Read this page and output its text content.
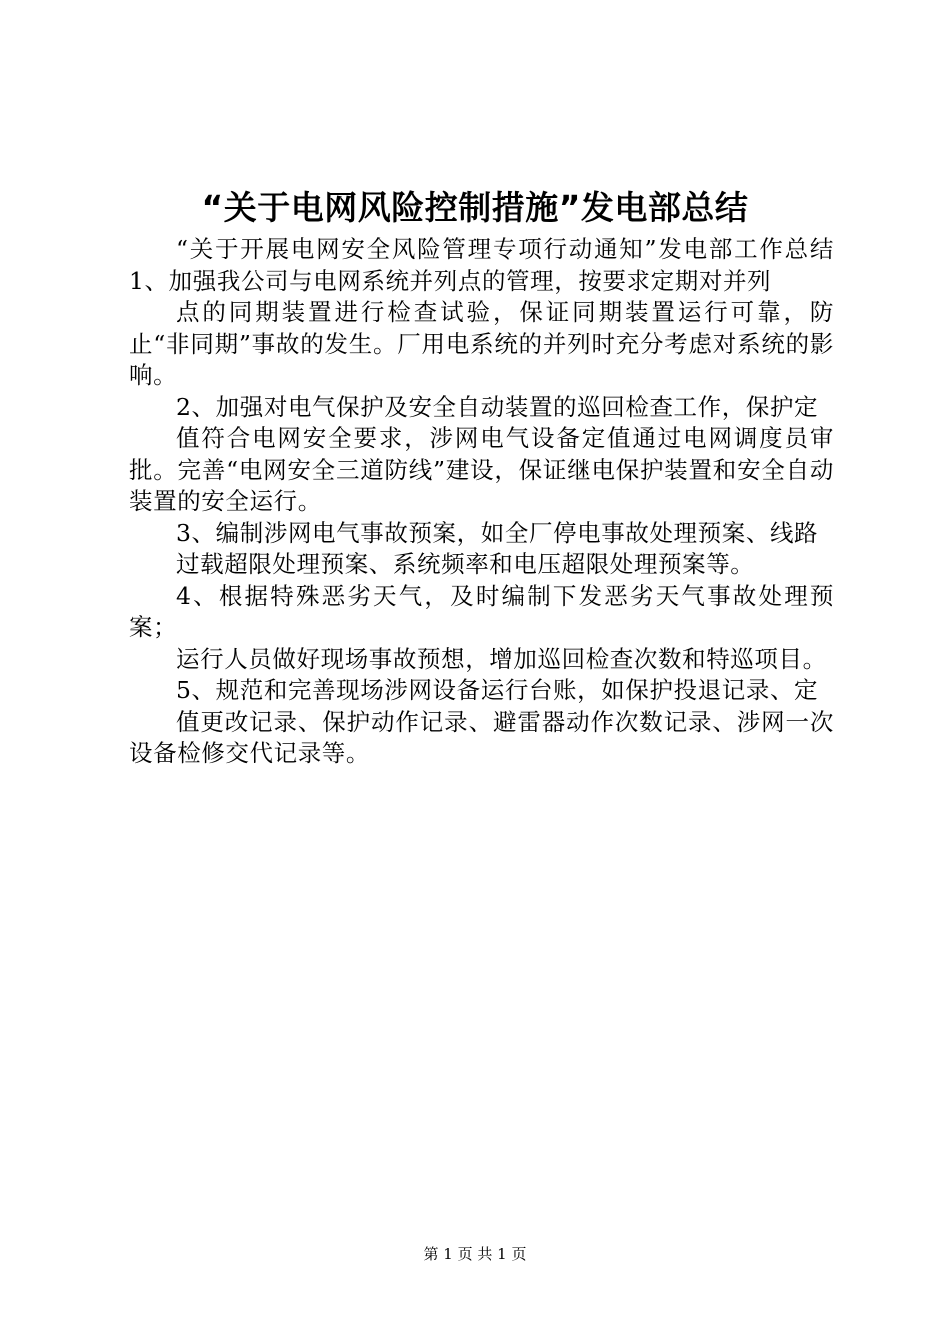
“关于电网风险控制措施”发电部总结

“关于开展电网安全风险管理专项行动通知”发电部工作总结 1、加强我公司与电网系统并列点的管理，按要求定期对并列

点的同期装置进行检查试验，保证同期装置运行可靠，防止“非同期”事故的发生。厂用电系统的并列时充分考虑对系统的影响。

2、加强对电气保护及安全自动装置的巡回检查工作，保护定

值符合电网安全要求，涉网电气设备定值通过电网调度员审批。完善“电网安全三道防线”建设，保证继电保护装置和安全自动装置的安全运行。

3、编制涉网电气事故预案，如全厂停电事故处理预案、线路

过载超限处理预案、系统频率和电压超限处理预案等。

4、根据特殊恶劣天气，及时编制下发恶劣天气事故处理预案；

运行人员做好现场事故预想，增加巡回检查次数和特巡项目。

5、规范和完善现场涉网设备运行台账，如保护投退记录、定

值更改记录、保护动作记录、避雷器动作次数记录、涉网一次设备检修交代记录等。

第 1 页 共 1 页
